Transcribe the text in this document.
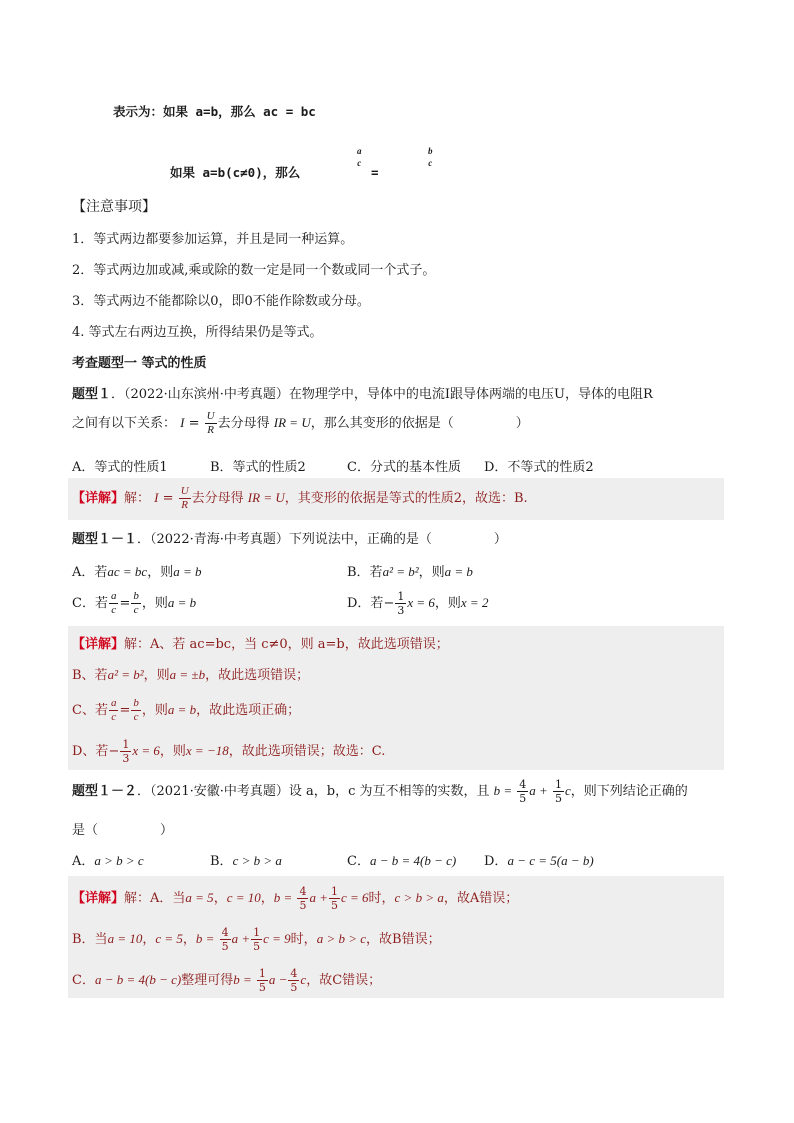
表示为：如果 a=b，那么 ac = bc
如果 a=b(c≠0)，那么
a
c
=
b
c
【注意事项】
1．等式两边都要参加运算，并且是同一种运算。
2．等式两边加或减,乘或除的数一定是同一个数或同一个式子。
3．等式两边不能都除以0，即0不能作除数或分母。
4. 等式左右两边互换，所得结果仍是等式。
考查题型一 等式的性质
题型１．（2022·山东滨州·中考真题）在物理学中，导体中的电流Ⅰ跟导体两端的电压U，导体的电阻R
之间有以下关系： $I = \frac{U}{R}$ 去分母得 IR = U，那么其变形的依据是（	）
A．等式的性质1	B．等式的性质2	C．分式的基本性质 D．不等式的性质2
【详解】解： $I = \frac{U}{R}$ 去分母得 IR = U，其变形的依据是等式的性质2，故选：B.
题型１－１．（2022·青海·中考真题）下列说法中，正确的是（	）
A．若ac = bc，则a = b	B．若a² = b²，则a = b
C．若 $\frac{a}{c} = \frac{b}{c}$ ，则a = b	D．若− $\frac{1}{3}$ x = 6，则x = 2
【详解】解：A、若 ac=bc，当 c≠0，则 a=b，故此选项错误；
B、若a² = b²，则a = ±b，故此选项错误；
C、若 $\frac{a}{c} = \frac{b}{c}$ ，则a = b，故此选项正确；
D、若− $\frac{1}{3}$ x = 6，则x = −18，故此选项错误；故选：C.
题型１－２．（2021·安徽·中考真题）设 a，b，c 为互不相等的实数，且 $b = \frac{4}{5}$ $a + \frac{1}{5}$ c，则下列结论正确的
是（	）
A．a > b > c	B．c > b > a	C．a − b = 4(b − c) D．a − c = 5(a − b)
【详解】解：A．当a = 5，c = 10，$b = \frac{4}{5}$ $a + \frac{1}{5}$ c = 6时，c > b > a，故A错误；
B．当a = 10，c = 5，$b = \frac{4}{5}$ $a + \frac{1}{5}$ c = 9时，a > b > c，故B错误；
C．a − b = 4(b − c)整理可得$b = \frac{1}{5}$ $a - \frac{4}{5}$ c，故C错误；
